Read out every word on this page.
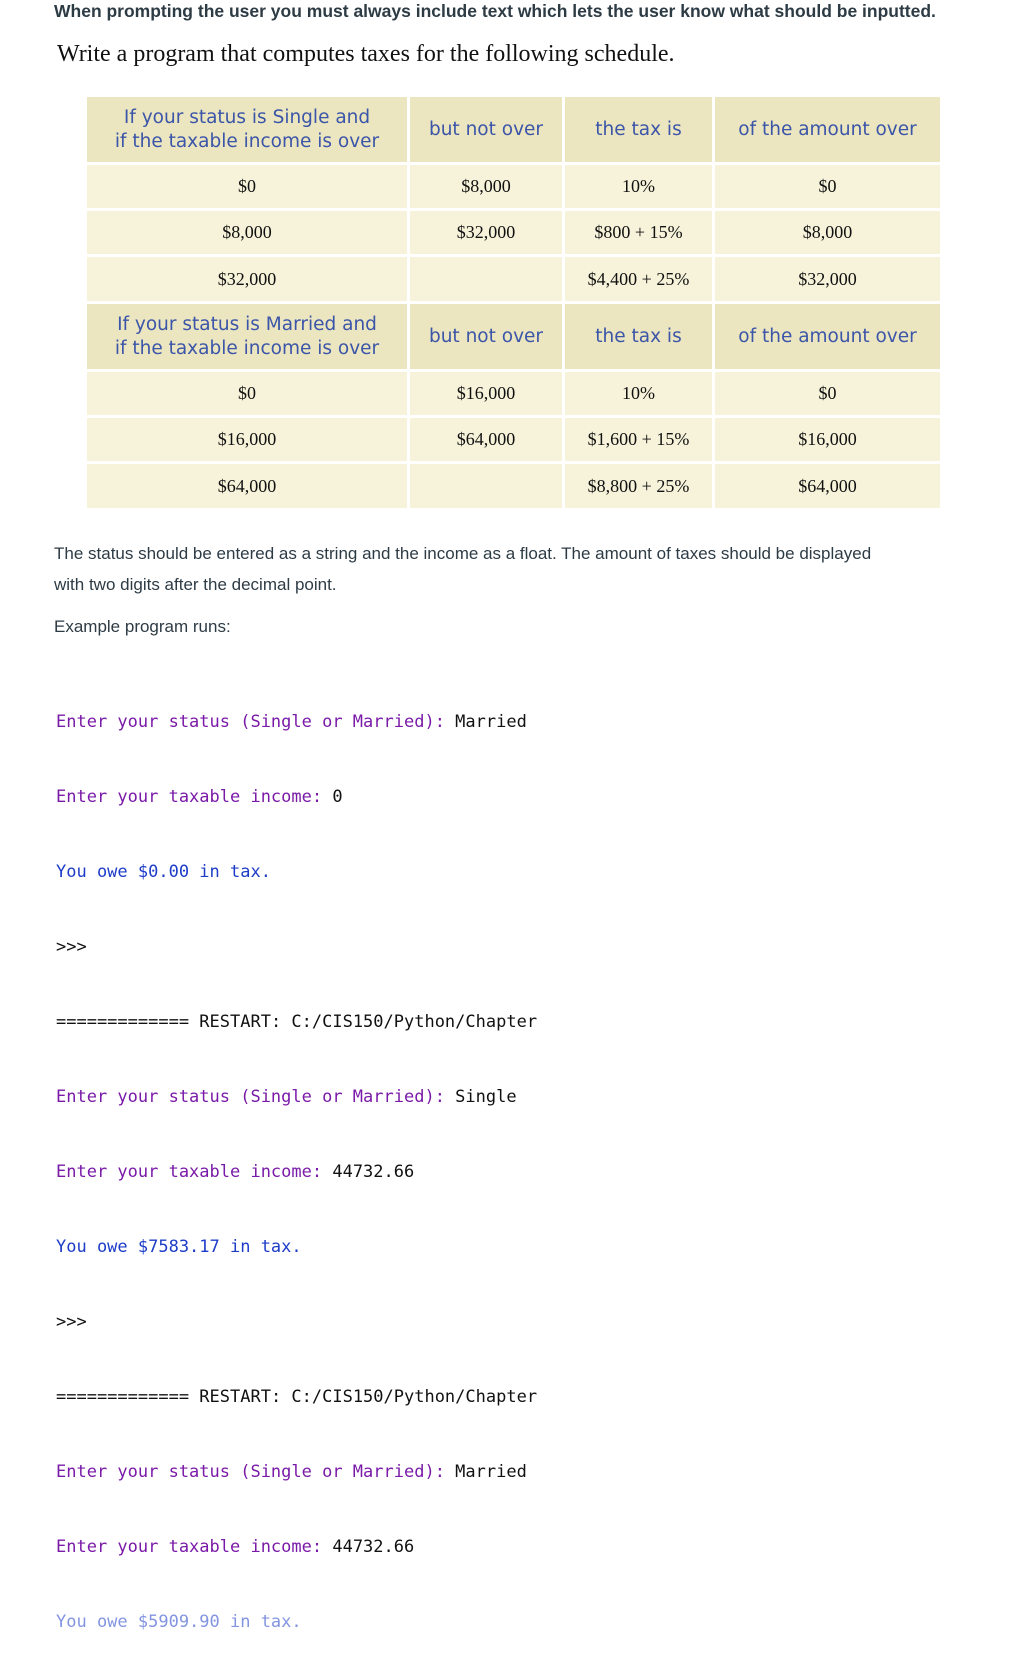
When prompting the user you must always include text which lets the user know what should be inputted.
Write a program that computes taxes for the following schedule.
If your status is Single and
if the taxable income is over	but not over	the tax is	of the amount over
$0	$8,000	10%	$0
$8,000	$32,000	$800 + 15%	$8,000
$32,000		$4,400 + 25%	$32,000
If your status is Married and
if the taxable income is over	but not over	the tax is	of the amount over
$0	$16,000	10%	$0
$16,000	$64,000	$1,600 + 15%	$16,000
$64,000		$8,800 + 25%	$64,000

The status should be entered as a string and the income as a float. The amount of taxes should be displayed

with two digits after the decimal point.

Example program runs:

Enter your status (Single or Married): Married

Enter your taxable income: 0

You owe $0.00 in tax.

>>>

============= RESTART: C:/CIS150/Python/Chapter

Enter your status (Single or Married): Single

Enter your taxable income: 44732.66

You owe $7583.17 in tax.

>>>

============= RESTART: C:/CIS150/Python/Chapter

Enter your status (Single or Married): Married

Enter your taxable income: 44732.66

You owe $5909.90 in tax.
